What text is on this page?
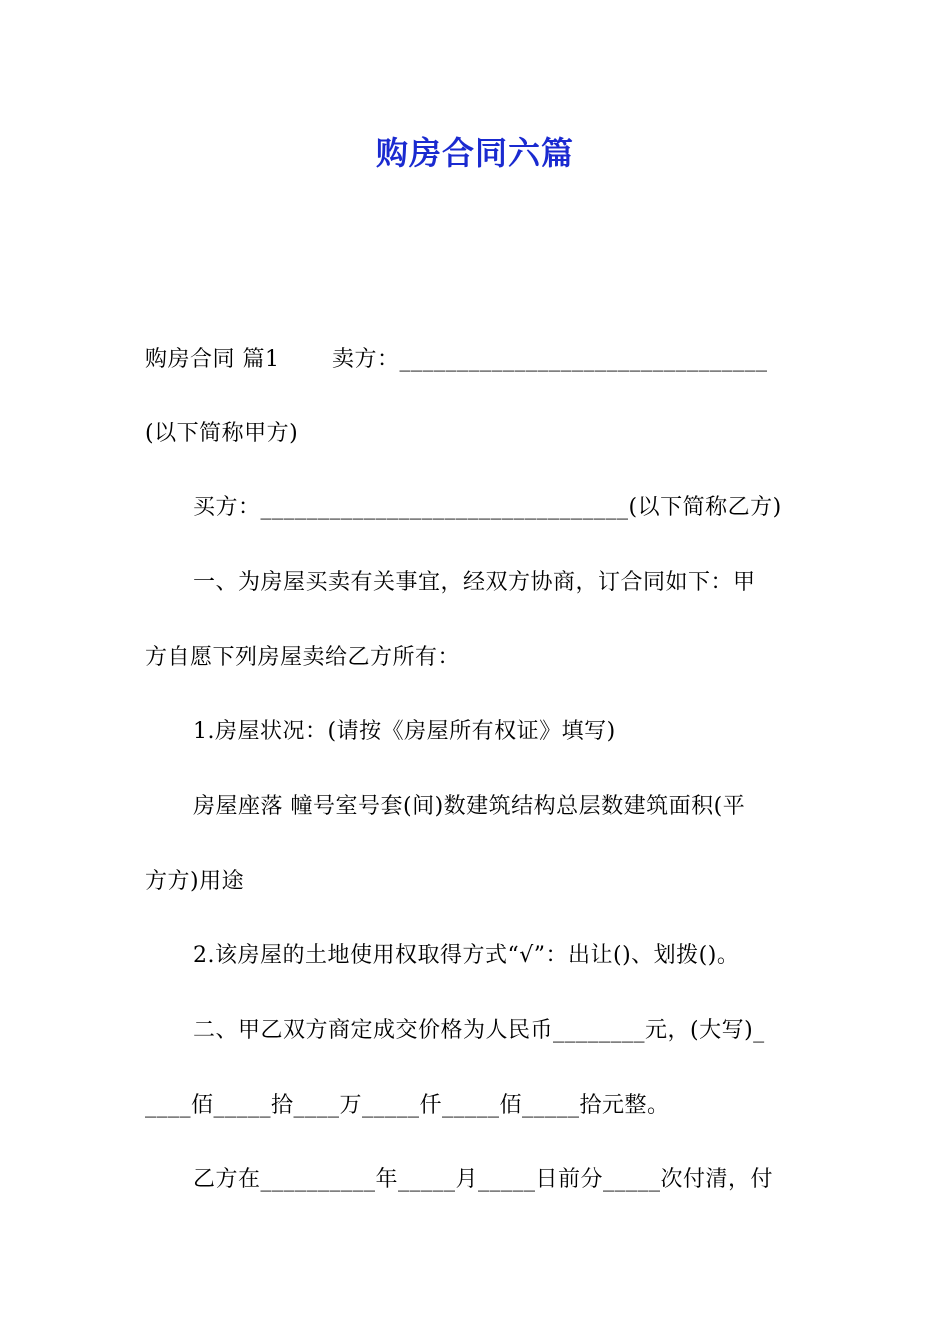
购房合同六篇
购房合同 篇1　　 卖方：________________________________
(以下简称甲方)
买方：________________________________(以下简称乙方)
一、为房屋买卖有关事宜，经双方协商，订合同如下：甲
方自愿下列房屋卖给乙方所有：
1.房屋状况：(请按《房屋所有权证》填写)
房屋座落 幢号室号套(间)数建筑结构总层数建筑面积(平
方方)用途
2.该房屋的土地使用权取得方式“√”：出让()、划拨()。
二、甲乙双方商定成交价格为人民币________元，(大写)_
____佰_____拾____万_____仟_____佰_____拾元整。
乙方在__________年_____月_____日前分_____次付清，付
